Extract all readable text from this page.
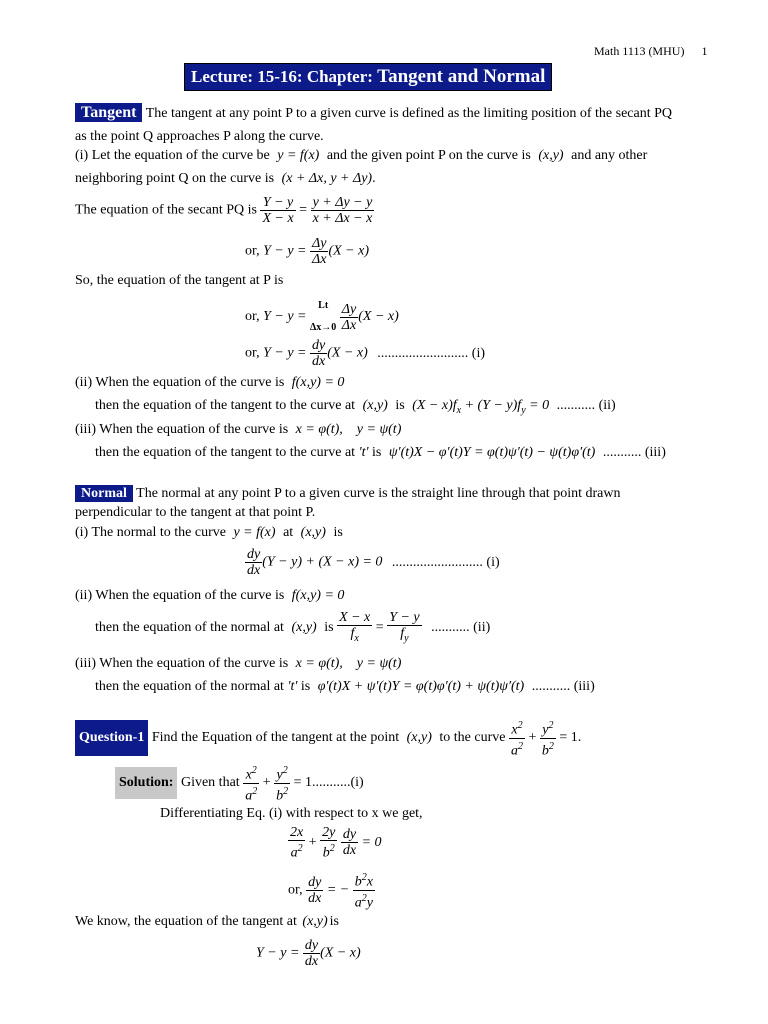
Math 1113 (MHU) 1
Lecture: 15-16: Chapter: Tangent and Normal
Tangent The tangent at any point P to a given curve is defined as the limiting position of the secant PQ
as the point Q approaches P along the curve.
(i) Let the equation of the curve be y = f(x) and the given point P on the curve is (x,y) and any other
neighboring point Q on the curve is (x + Δx, y + Δy).
The equation of the secant PQ is $\frac{Y - y}{X - x} = \frac{y + \Delta y - y}{x + \Delta x - x}$
or, $Y - y = \frac{\Delta y}{\Delta x} (X - x)$
So, the equation of the tangent at P is
or, Y − y =
Lt
Δx→0
$\frac{\Delta y}{\Delta x} (X - x)$
or, $Y - y = \frac{dy}{dx} (X - x)$ .......................... (i)
(ii) When the equation of the curve is f(x,y) = 0
then the equation of the tangent to the curve at (x,y) is $(X - x)f_x + (Y - y)f_y = 0$ ........... (ii)
(iii) When the equation of the curve is x = φ(t),    y = ψ(t)
then the equation of the tangent to the curve at 't' is ψ′(t)X − φ′(t)Y = φ(t)ψ′(t) − ψ(t)φ′(t) ........... (iii)
Normal The normal at any point P to a given curve is the straight line through that point drawn
perpendicular to the tangent at that point P.
(i) The normal to the curve y = f(x) at (x,y) is
$\frac{dy}{dx} (Y - y) + (X - x) = 0$ .......................... (i)
(ii) When the equation of the curve is f(x,y) = 0
then the equation of the normal at (x,y) is $\frac{X - x}{f_x} = \frac{Y - y}{f_y}$ ........... (ii)
(iii) When the equation of the curve is x = φ(t),    y = ψ(t)
then the equation of the normal at 't' is φ′(t)X + ψ′(t)Y = φ(t)φ′(t) + ψ(t)ψ′(t) ........... (iii)
Question-1 Find the Equation of the tangent at the point (x,y) to the curve $\frac{x^2}{a^2} + \frac{y^2}{b^2} = 1$.
Solution: Given that $\frac{x^2}{a^2} + \frac{y^2}{b^2} = 1...........(i)$
Differentiating Eq. (i) with respect to x we get,
$\frac{2x}{a^2} + \frac{2y}{b^2}$
$\frac{dy}{dx} = 0$
or, $\frac{dy}{dx}$ = − $\frac{b^2x}{a^2y}$
We know, the equation of the tangent at (x,y) is
$Y - y = \frac{dy}{dx} (X - x)$
